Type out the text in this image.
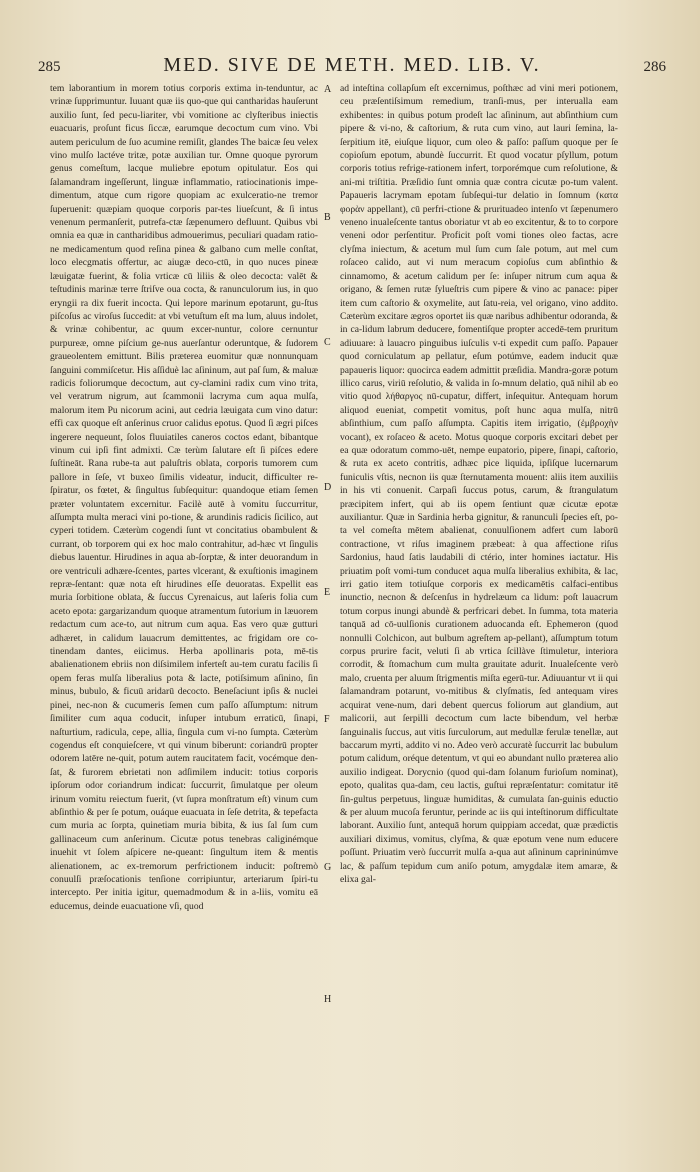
285	MED. SIVE DE METH. MED. LIB. V.	286

tem laborantium in morem totius corporis extima in-tenduntur, ac vrinæ ſupprimuntur. Iuuant quæ iis quo-que qui cantharidas hauſerunt auxilio ſunt, ſed pecu-liariter, vbi vomitione ac clyſteribus iniectis euacuaris, proſunt ficus ſiccæ, earumque decoctum cum vino. Vbi autem periculum de ſuo acumine remiſit, glandes The baicæ ſeu velex vino mulſo lactéve tritæ, potæ auxilian tur. Omne quoque pyrorum genus comeſtum, lacque muliebre epotum opitulatur. Eos qui ſalamandram ingeſſerunt, linguæ inflammatio, ratiocinationis impe-dimentum, atque cum rigore quopiam ac exulceratio-ne tremor ſuperuenit: quæpiam quoque corporis par-tes liueſcunt, & ſi intus venenum permanſerit, putrefa-ctæ ſæpenumero defluunt. Quibus vbi omnia ea quæ in cantharidibus admouerimus, peculiari quadam ratio-ne medicamentum quod reſina pinea & galbano cum melle conſtat, loco elecgmatis offertur, ac aiugæ deco-ctū, in quo nuces pineæ læuigatæ fuerint, & folia vrticæ cū liliis & oleo decocta: valēt & teſtudinis marinæ terre ſtriſve oua cocta, & ranunculorum ius, in quo eryngii ra dix fuerit incocta. Qui lepore marinum epotarunt, gu-ſtus piſcoſus ac viroſus ſuccedit: at vbi vetuſtum eſt ma lum, aluus indolet, & vrinæ cohibentur, ac quum excer-nuntur, colore cernuntur purpureæ, omne piſcium ge-nus auerſantur oderuntque, & ſudorem graueolentem emittunt. Bilis præterea euomitur quæ nonnunquam ſanguini commiſcetur. His aſſiduè lac aſininum, aut paſ ſum, & maluæ radicis foliorumque decoctum, aut cy-clamini radix cum vino trita, vel veratrum nigrum, aut ſcammonii lacryma cum aqua mulſa, malorum item Pu nicorum acini, aut cedria læuigata cum vino datur: effi cax quoque eſt anſerinus cruor calidus epotus. Quod ſi ægri piſces ingerere nequeunt, ſolos fluuiatiles caneros coctos edant, bibantque vinum cui ipſi fint admixti. Cæ terùm ſalutare eſt ſi piſces edere ſuſtineāt. Rana rube-ta aut paluſtris oblata, corporis tumorem cum pallore in ſeſe, vt buxeo ſimilis videatur, inducit, difficulter re-ſpiratur, os fœtet, & ſingultus ſubſequitur: quandoque etiam ſemen præter voluntatem excernitur. Facilè autē à vomitu ſuccurritur, aſſumpta multa meraci vini po-tione, & arundinis radicis ſicilico, aut cyperi totidem. Cæterùm cogendi ſunt vt concitatius obambulent & currant, ob torporem qui ex hoc malo contrahitur, ad-hæc vt ſingulis diebus lauentur. Hirudines in aqua ab-ſorptæ, & inter deuorandum in ore ventriculi adhære-ſcentes, partes vlcerant, & exuſtionis imaginem repræ-ſentant: quæ nota eſt hirudines eſſe deuoratas. Expellit eas muria ſorbitione oblata, & ſuccus Cyrenaicus, aut laſeris folia cum aceto epota: gargarizandum quoque atramentum ſutorium in læuorem redactum cum ace-to, aut nitrum cum aqua. Eas vero quæ gutturi adhæret, in calidum lauacrum demittentes, ac frigidam ore co-tinendam dantes, eiicimus. Herba apollinaris pota, mē-tis abalienationem ebriis non diſsimilem inferteſt au-tem curatu facilis ſi opem feras mulſa liberalius pota & lacte, potiſsimum aſinino, ſin minus, bubulo, & ficuū aridarū decocto. Beneſaciunt ipſis & nuclei pinei, nec-non & cucumeris ſemen cum paſſo aſſumptum: nitrum ſimiliter cum aqua coducit, inſuper intubum erraticū, ſinapi, naſturtium, radicula, cepe, allia, ſingula cum vi-no ſumpta. Cæterùm cogendus eſt conquieſcere, vt qui vinum biberunt: coriandrū propter odorem latēre ne-quit, potum autem raucitatem facit, vocémque den-ſat, & furorem ebrietati non adſimilem inducit: totius corporis ipſorum odor coriandrum indicat: ſuccurrit, ſimulatque per oleum irinum vomitu reiectum fuerit, (vt ſupra monſtratum eſt) vinum cum abſinthio & per ſe potum, ouáque euacuata in ſeſe detrita, & tepefacta cum muria ac ſorpta, quinetiam muria bibita, & ius ſal ſum cum gallinaceum cum anſerinum. Cicutæ potus tenebras caliginémque inuehit vt ſolem aſpicere ne-queant: ſingultum item & mentis alienationem, ac ex-tremorum perfrictionem inducit: poſtremò conuulſi præſocationis tenſione corripiuntur, arteriarum ſpiri-tu intercepto. Per initia igitur, quemadmodum & in a-liis, vomitu eā educemus, deinde euacuatione vſi, quod

A
B
C
D
E
F
G
H

ad inteſtina collapſum eſt excernimus, poſthæc ad vini meri potionem, ceu præſentiſsimum remedium, tranſi-mus, per interualla eam exhibentes: in quibus potum prodeſt lac aſininum, aut abſinthium cum pipere & vi-no, & caſtorium, & ruta cum vino, aut lauri ſemina, la-ſerpitium itē, eiuſque liquor, cum oleo & paſſo: paſſum quoque per ſe copioſum epotum, abundè ſuccurrit. Et quod vocatur pſyllum, potum corporis totius refrige-rationem infert, torporémque cum reſolutione, & ani-mi triſtitia. Præſidio ſunt omnia quæ contra cicutæ po-tum valent. Papaueris lacrymam epotam ſubſequi-tur delatio in ſomnum (κατα φορὰν appellant), cū perfri-ctione & prurituadeo intenſo vt ſæpenumero veneno inualeſcente tantus oboriatur vt ab eo excitentur, & to to corpore veneni odor perſentitur. Proficit poſt vomi tiones oleo factas, acre clyſma iniectum, & acetum mul ſum cum ſale potum, aut mel cum roſaceo calido, aut vi num meracum copioſus cum abſinthio & cinnamomo, & acetum calidum per ſe: inſuper nitrum cum aqua & origano, & ſemen rutæ ſylueſtris cum pipere & vino ac panace: piper item cum caſtorio & oxymelite, aut ſatu-reia, vel origano, vino addito. Cæterùm excitare ægros oportet iis quæ naribus adhibentur odoranda, & in ca-lidum labrum deducere, fomentiſque propter accedē-tem pruritum adiuuare: à lauacro pinguibus iuſculis v-ti expedit cum paſſo. Papauer quod corniculatum ap pellatur, eſum potúmve, eadem inducit quæ papaueris liquor: quocirca eadem admittit præſidia. Mandra-goræ potum illico carus, viriū reſolutio, & valida in ſo-mnum delatio, quā nihil ab eo vitio quod λήθαργος nū-cupatur, differt, inſequitur. Antequam horum aliquod eueniat, competit vomitus, poſt hunc aqua mulſa, nitrū abſinthium, cum paſſo aſſumpta. Capitis item irrigatio, (ἐμβροχὴν vocant), ex roſaceo & aceto. Motus quoque corporis excitari debet per ea quæ odoratum commo-uēt, nempe eupatorio, pipere, ſinapi, caſtorio, & ruta ex aceto contritis, adhæc pice liquida, ipſiſque lucernarum funiculis vſtis, necnon iis quæ ſternutamenta mouent: aliis item auxiliis in his vti conuenit. Carpaſi ſuccus potus, carum, & ſtrangulatum præcipitem infert, qui ab iis opem ſentiunt quæ cicutæ epotæ auxiliantur. Quæ in Sardinia herba gignitur, & ranunculi ſpecies eſt, po-ta vel comeſta mētem abalienat, conuulſionem adfert cum laborū contractione, vt riſus imaginem præbeat: à qua affectione riſus Sardonius, haud ſatis laudabili di ctério, inter homines iactatur. His priuatim poſt vomi-tum conducet aqua mulſa liberalius exhibita, & lac, irri gatio item totiuſque corporis ex medicamētis calfaci-entibus inunctio, necnon & deſcenſus in hydrelæum ca lidum: poſt lauacrum totum corpus inungi abundè & perfricari debet. In ſumma, tota materia tanquā ad cō-uulſionis curationem aduocanda eſt. Ephemeron (quod nonnulli Colchicon, aut bulbum agreſtem ap-pellant), aſſumptum totum corpus prurire facit, veluti ſi ab vrtica ſcillàve ſtimuletur, interiora corrodit, & ſtomachum cum multa grauitate adurit. Inualeſcente verò malo, cruenta per aluum ſtrigmentis miſta egerū-tur. Adiuuantur vt ii qui ſalamandram potarunt, vo-mitibus & clyſmatis, ſed antequam vires acquirat vene-num, dari debent quercus foliorum aut glandium, aut malicorii, aut ſerpilli decoctum cum lacte bibendum, vel herbæ ſanguinalis ſuccus, aut vitis ſurculorum, aut medullæ ferulæ tenellæ, aut baccarum myrti, addito vi no. Adeo verò accuratè ſuccurrit lac bubulum potum calidum, oréque detentum, vt qui eo abundant nullo præterea alio auxilio indigeat. Dorycnio (quod qui-dam ſolanum furioſum nominat), epoto, qualitas qua-dam, ceu lactis, guſtui repræſentatur: comitatur itē ſin-gultus perpetuus, linguæ humiditas, & cumulata ſan-guinis eductio & per aluum mucoſa feruntur, perinde ac iis qui inteſtinorum difficultate laborant. Auxilio ſunt, antequā horum quippiam accedat, quæ prædictis auxiliari diximus, vomitus, clyſma, & quæ epotum vene num educere poſſunt. Priuatim verò ſuccurrit mulſa a-qua aut aſininum caprininúmve lac, & paſſum tepidum cum aniſo potum, amygdalæ item amaræ, & elixa gal-
